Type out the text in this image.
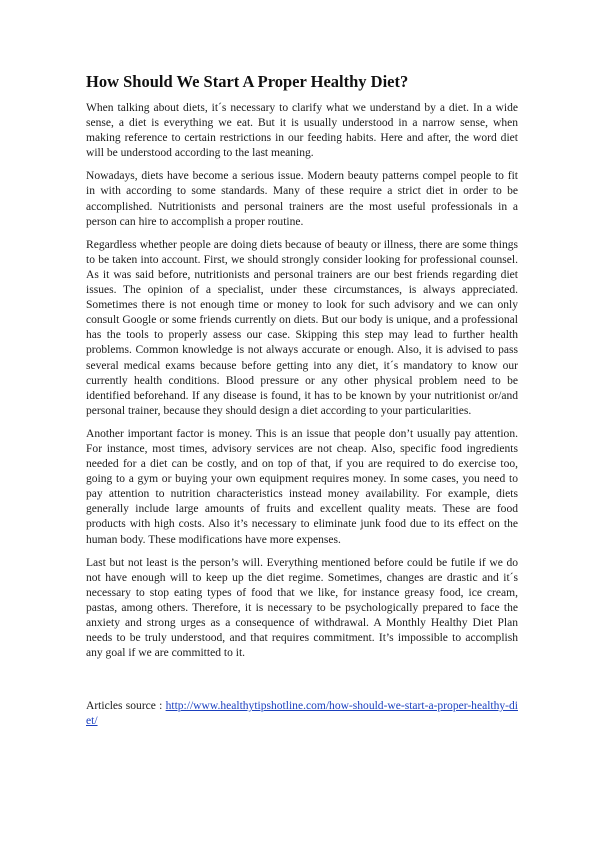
How Should We Start A Proper Healthy Diet?

When talking about diets, it´s necessary to clarify what we understand by a diet. In a wide sense, a diet is everything we eat. But it is usually understood in a narrow sense, when making reference to certain restrictions in our feeding habits. Here and after, the word diet will be understood according to the last meaning.

Nowadays, diets have become a serious issue. Modern beauty patterns compel people to fit in with according to some standards. Many of these require a strict diet in order to be accomplished. Nutritionists and personal trainers are the most useful professionals in a person can hire to accomplish a proper routine.

Regardless whether people are doing diets because of beauty or illness, there are some things to be taken into account. First, we should strongly consider looking for professional counsel. As it was said before, nutritionists and personal trainers are our best friends regarding diet issues. The opinion of a specialist, under these circumstances, is always appreciated. Sometimes there is not enough time or money to look for such advisory and we can only consult Google or some friends currently on diets. But our body is unique, and a professional has the tools to properly assess our case. Skipping this step may lead to further health problems. Common knowledge is not always accurate or enough. Also, it is advised to pass several medical exams because before getting into any diet, it´s mandatory to know our currently health conditions. Blood pressure or any other physical problem need to be identified beforehand. If any disease is found, it has to be known by your nutritionist or/and personal trainer, because they should design a diet according to your particularities.

Another important factor is money. This is an issue that people don’t usually pay attention. For instance, most times, advisory services are not cheap. Also, specific food ingredients needed for a diet can be costly, and on top of that, if you are required to do exercise too, going to a gym or buying your own equipment requires money. In some cases, you need to pay attention to nutrition characteristics instead money availability. For example, diets generally include large amounts of fruits and excellent quality meats. These are food products with high costs. Also it’s necessary to eliminate junk food due to its effect on the human body. These modifications have more expenses.

Last but not least is the person’s will. Everything mentioned before could be futile if we do not have enough will to keep up the diet regime. Sometimes, changes are drastic and it´s necessary to stop eating types of food that we like, for instance greasy food, ice cream, pastas, among others. Therefore, it is necessary to be psychologically prepared to face the anxiety and strong urges as a consequence of withdrawal. A Monthly Healthy Diet Plan needs to be truly understood, and that requires commitment. It’s impossible to accomplish any goal if we are committed to it.

Articles source : http://www.healthytipshotline.com/how-should-we-start-a-proper-healthy-diet/
